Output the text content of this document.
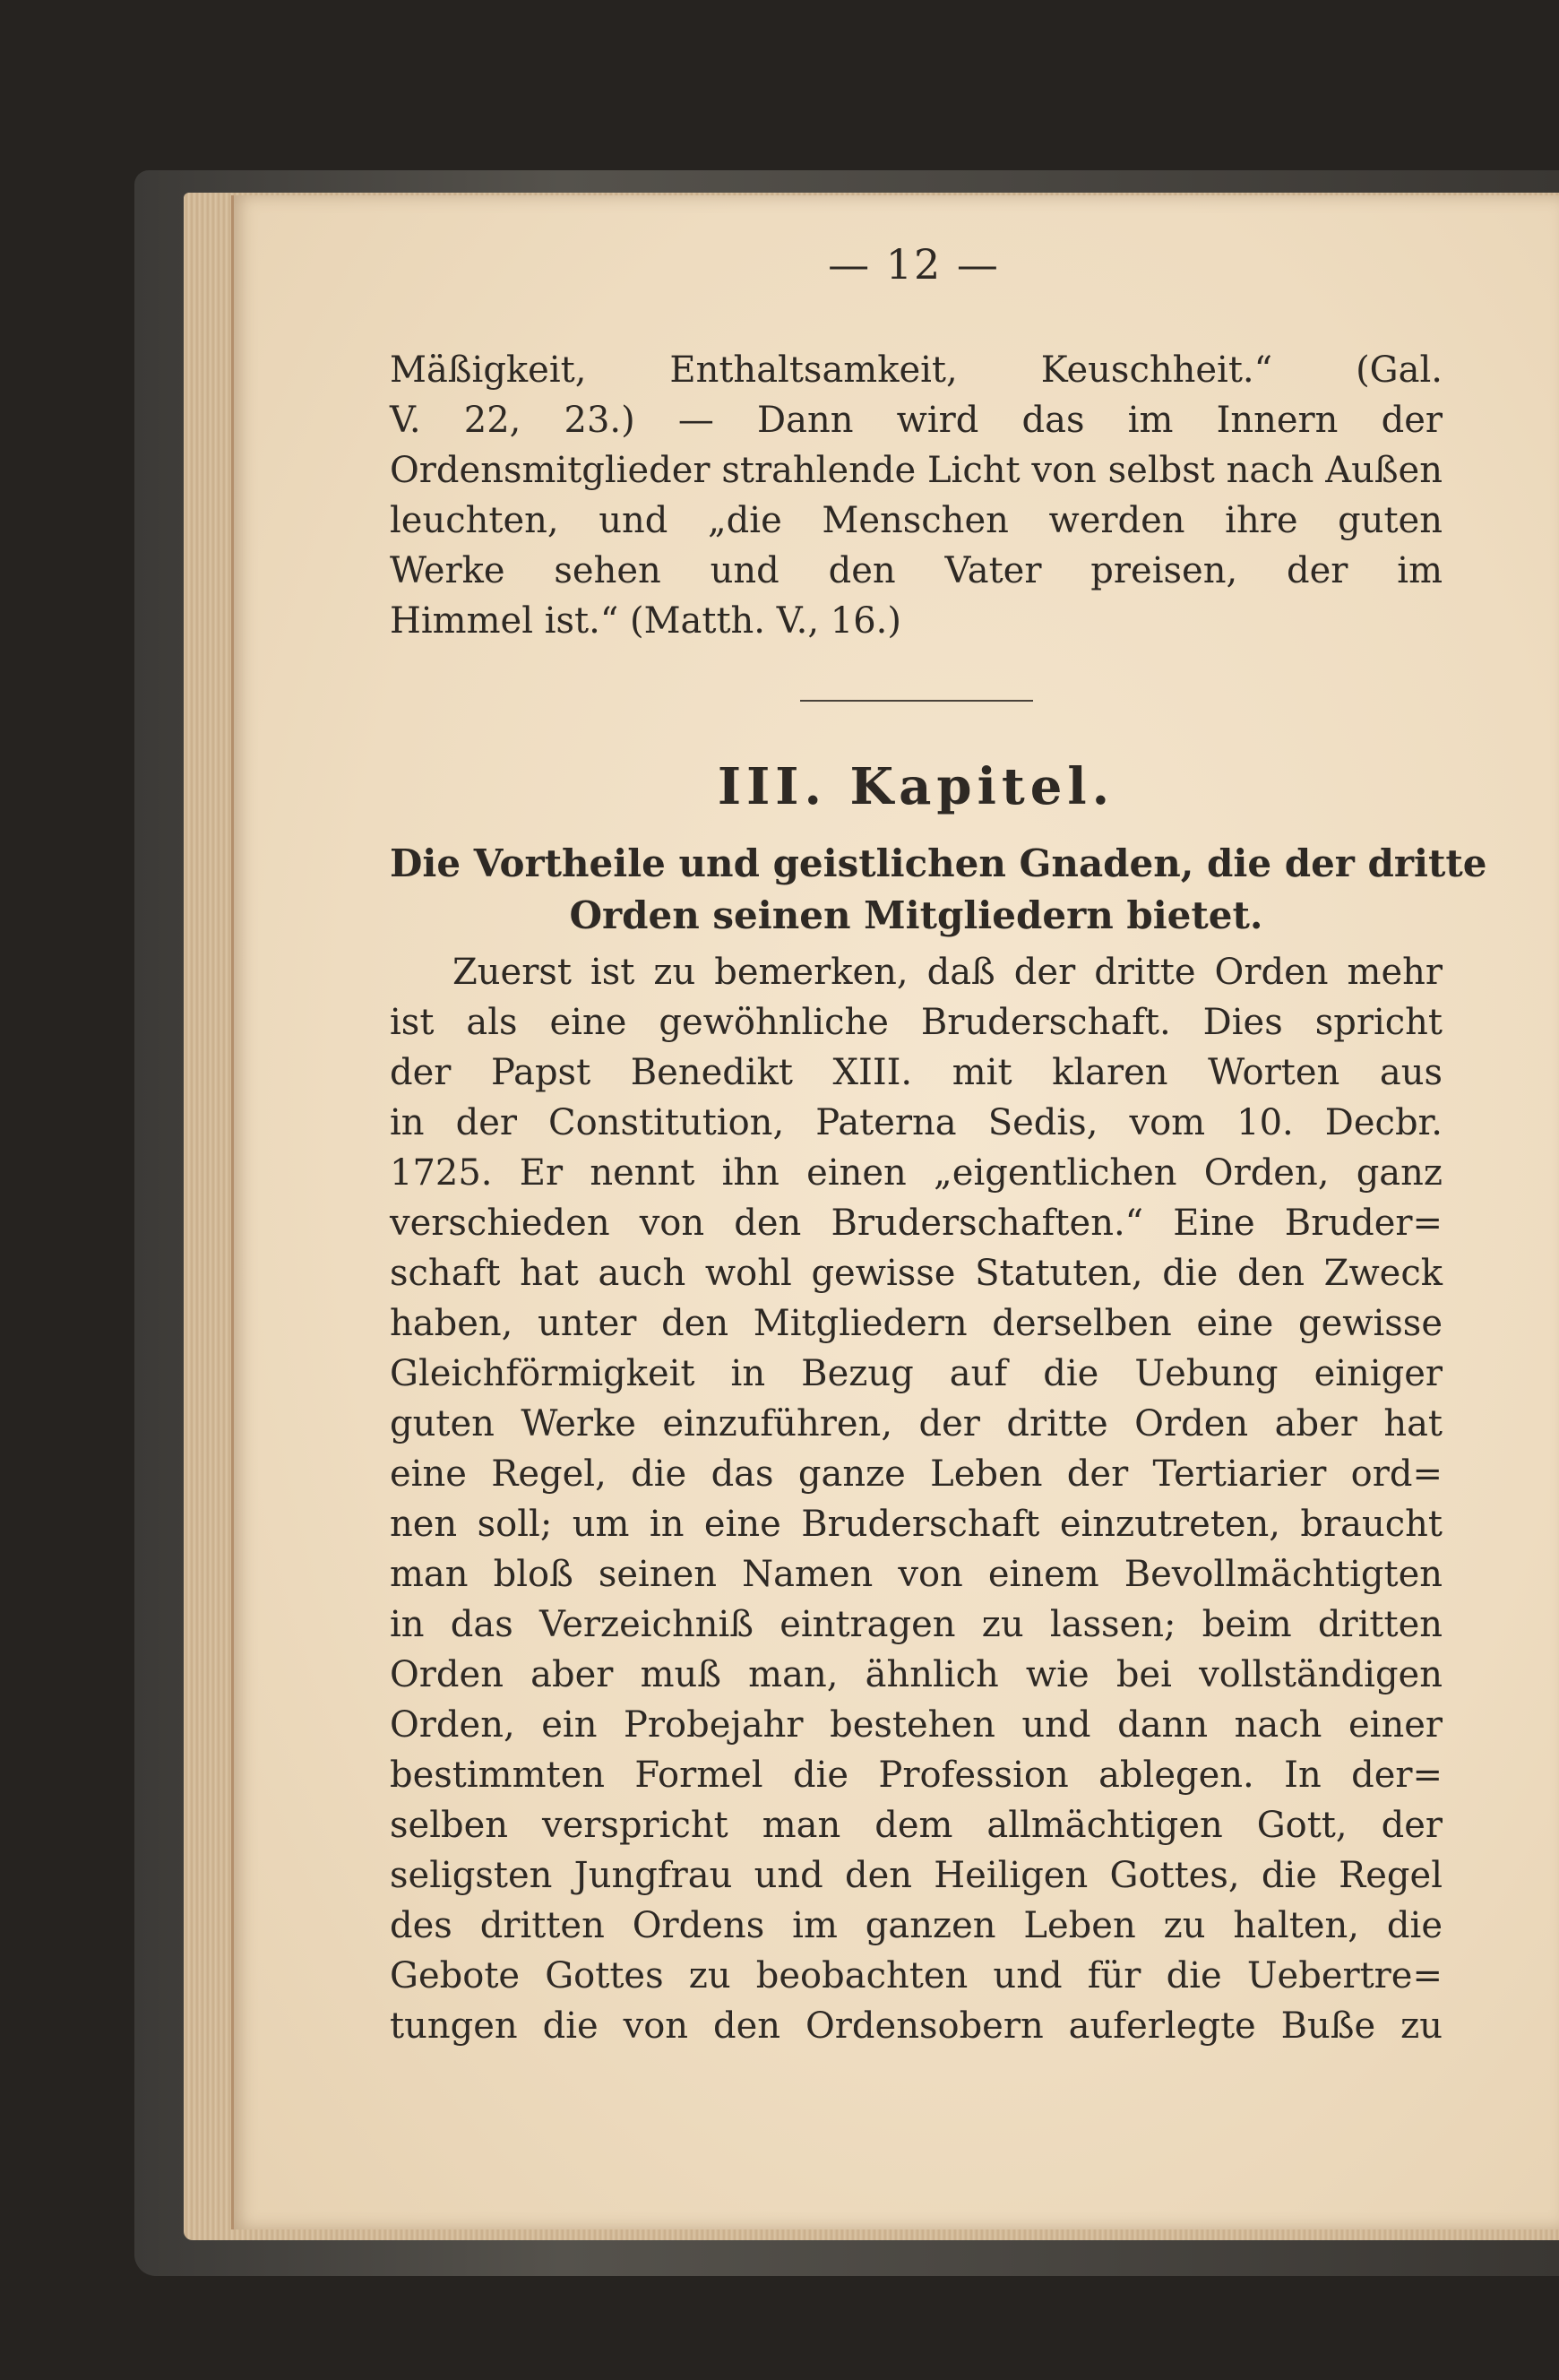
— 12 —
Mäßigkeit, Enthaltsamkeit, Keuschheit.“ (Gal.
V. 22, 23.) — Dann wird das im Innern der
Ordensmitglieder strahlende Licht von selbst nach Außen
leuchten, und „die Menschen werden ihre guten
Werke sehen und den Vater preisen, der im
Himmel ist.“ (Matth. V., 16.)
III. Kapitel.
Die Vortheile und geistlichen Gnaden, die der dritte
Orden seinen Mitgliedern bietet.
Zuerst ist zu bemerken, daß der dritte Orden mehr
ist als eine gewöhnliche Bruderschaft. Dies spricht
der Papst Benedikt XIII. mit klaren Worten aus
in der Constitution, Paterna Sedis, vom 10. Decbr.
1725. Er nennt ihn einen „eigentlichen Orden, ganz
verschieden von den Bruderschaften.“ Eine Bruder=
schaft hat auch wohl gewisse Statuten, die den Zweck
haben, unter den Mitgliedern derselben eine gewisse
Gleichförmigkeit in Bezug auf die Uebung einiger
guten Werke einzuführen, der dritte Orden aber hat
eine Regel, die das ganze Leben der Tertiarier ord=
nen soll; um in eine Bruderschaft einzutreten, braucht
man bloß seinen Namen von einem Bevollmächtigten
in das Verzeichniß eintragen zu lassen; beim dritten
Orden aber muß man, ähnlich wie bei vollständigen
Orden, ein Probejahr bestehen und dann nach einer
bestimmten Formel die Profession ablegen. In der=
selben verspricht man dem allmächtigen Gott, der
seligsten Jungfrau und den Heiligen Gottes, die Regel
des dritten Ordens im ganzen Leben zu halten, die
Gebote Gottes zu beobachten und für die Uebertre=
tungen die von den Ordensobern auferlegte Buße zu
